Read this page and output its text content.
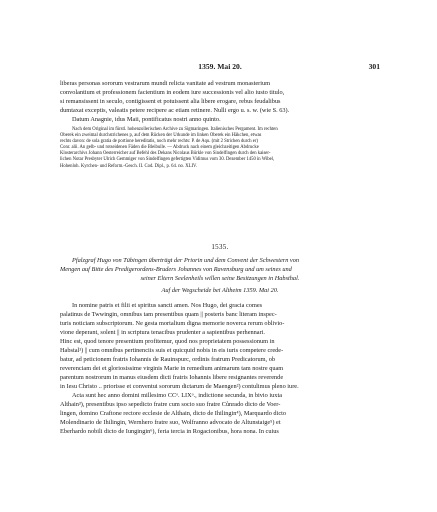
1359. Mai 20.	301

liberas personas sororum vestrarum mundi relicta vanitate ad vestrum monasterium

convolantium et professionem facientium in eodem iure successionis vel alio iusto titulo,

si remansissent in seculo, contigissent et potuissent alia libere erogare, rebus feudalibus

dumtaxat exceptis, valeatis petere recipere ac etiam retinere. Nulli ergo u. s. w. (wie S. 63).

Datum Anagnie, idus Maii, pontificatus nostri anno quinto.

Nach dem Original im fürstl. hohenzollerischen Archive zu Sigmaringen. Italienisches Pergament. Im rechten

Oberek ein zweimal durchstrichenes p, auf dem Rücken der Urkunde im linken Oberek ein Häkchen, etwas

rechts davon: de sola gratia de portione hereditatis, noch mehr rechts: P. de Aqu. (mit 2 Strichen durch er)

Conr. alii. An gelb- und rotseidenen Fäden die Bleibulle. — Abdruck nach einem gleichzeitigen Abdrucke

Klosterarchivs Johann Oesterreicher auf Befehl des Dekans Nicolaus Bürkle von Sindelfingen durch den kaiser-

lichen Notar Presbyter Ulrich Gemmiger von Sindelfingen gefertigten Vidimus vom 30. Dezember 1450 in Wibel,

Hohenloh. Kyrchen- und Reform.-Gesch. II. Cod. Dipl., p. 64. no. XLIV.

1535.

Pfalzgraf Hugo von Tübingen überträgt der Priorin und dem Convent der Schwestern von

Mengen auf Bitte des Predigerordens-Bruders Johannes von Ravensburg und um seines und

seiner Eltern Seelenheils willen seine Besitzungen in Habsthal.

Auf der Wegscheide bei Altheim 1359. Mai 20.

In nomine patris et filii et spiritus sancti amen. Nos Hugo, dei gracia comes

palatinus de Twwingin, omnibus tam presentibus quam || posteris banc literam inspec-

turis noticiam subscriptorum. Ne gesta mortalium digna memorie noverca rerum oblivio-

vione deperant, solent || in scriptura tenacibus prudenter a sapientibus perhennari.

Hinc est, quod tenore presentium profitemur, quod nos proprietatem possessionum in

Habstal¹) || cum omnibus pertinenciis suis et quicquid nobis in eis iuris competere crede-

batur, ad peticionem fratris Iohannis de Rauinspurc, ordinis fratrum Predicatorum, ob

reverenciam dei et gloriosissime virginis Marie in remedium animarum tam nostre quam

parentum nostrorum in manus eiusdem dicti fratris Iohannis libere resignantes reverende

in Iesu Christo .. priorisse et conventui sororum dictarum de Maengen²) contulimus pleno iure.

Acta sunt hec anno domini millesimo CCᵒ. LIXᵒ., indictione secunda, in bivio iuxta

Althain³), presentibus ipso sepedicto fratre cum socio suo fratre Cůnrado dicto de Voer-

lingen, domino Craftone rectore ecclesie de Althain, dicto de Ihilingin⁴), Marquardo dicto

Molendinario de Ihilingin, Wernhero fratre suo, Wolfranno advocato de Altunstaige⁵) et

Eberhardo nobili dicto de Iungingin⁶), feria tercia in Rogacionibus, hora nona. In cuius
